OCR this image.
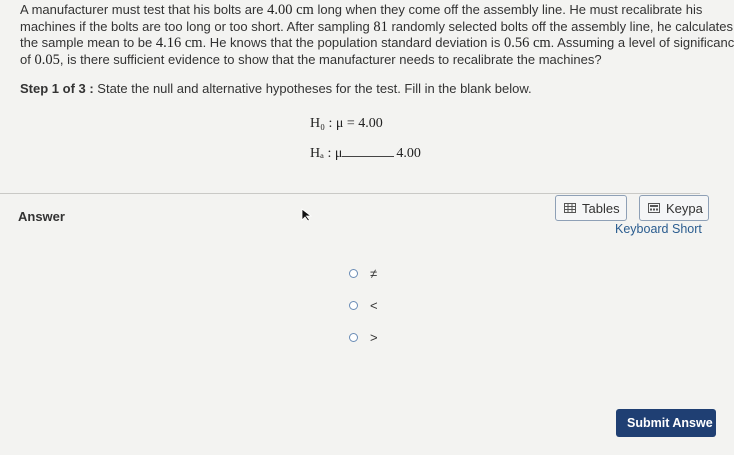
A manufacturer must test that his bolts are 4.00 cm long when they come off the assembly line. He must recalibrate his
machines if the bolts are too long or too short. After sampling 81 randomly selected bolts off the assembly line, he calculates
the sample mean to be 4.16 cm. He knows that the population standard deviation is 0.56 cm. Assuming a level of significanc
of 0.05, is there sufficient evidence to show that the manufacturer needs to recalibrate the machines?
Step 1 of 3 : State the null and alternative hypotheses for the test. Fill in the blank below.
H₀ : μ = 4.00
Hₐ : μ	4.00
Answer
Tables	Keypa
Keyboard Short
≠
<
>
Submit Answe
